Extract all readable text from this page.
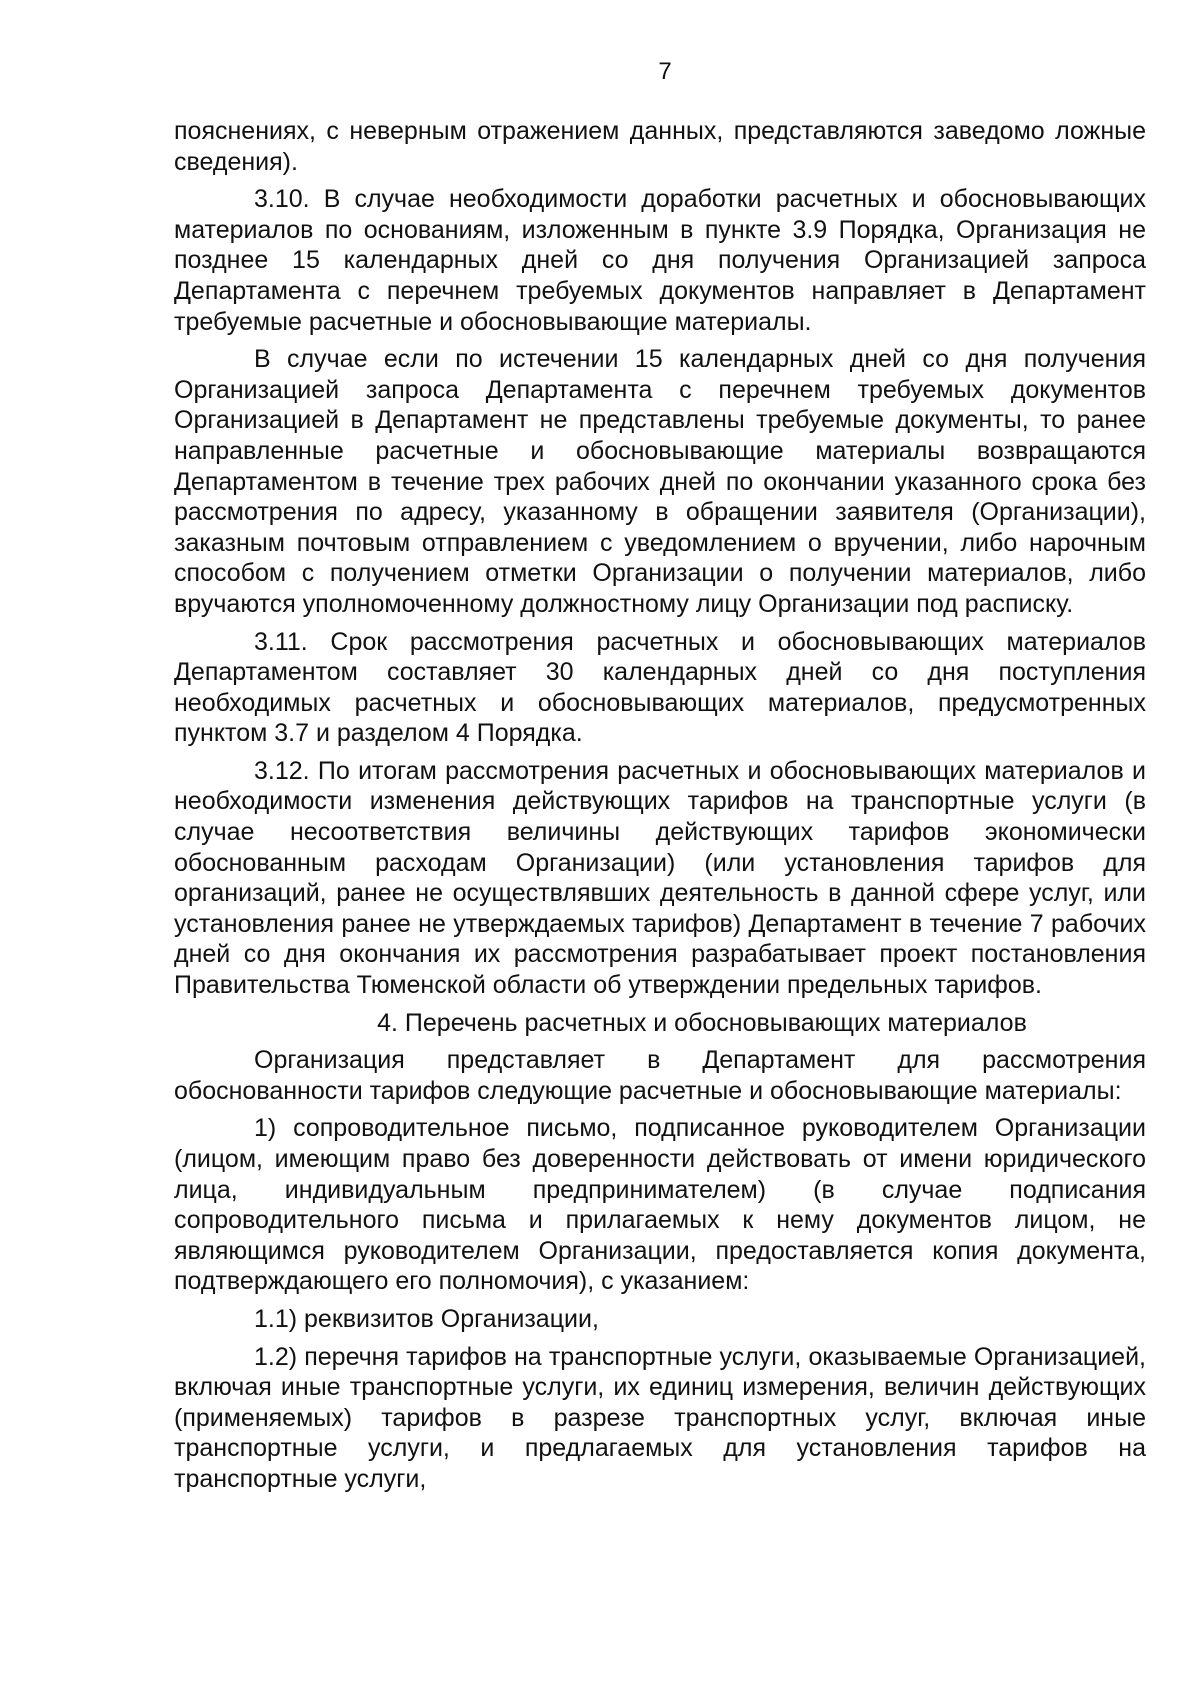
7

пояснениях, с неверным отражением данных, представляются заведомо ложные сведения).

3.10. В случае необходимости доработки расчетных и обосновывающих материалов по основаниям, изложенным в пункте 3.9 Порядка, Организация не позднее 15 календарных дней со дня получения Организацией запроса Департамента с перечнем требуемых документов направляет в Департамент требуемые расчетные и обосновывающие материалы.

В случае если по истечении 15 календарных дней со дня получения Организацией запроса Департамента с перечнем требуемых документов Организацией в Департамент не представлены требуемые документы, то ранее направленные расчетные и обосновывающие материалы возвращаются Департаментом в течение трех рабочих дней по окончании указанного срока без рассмотрения по адресу, указанному в обращении заявителя (Организации), заказным почтовым отправлением с уведомлением о вручении, либо нарочным способом с получением отметки Организации о получении материалов, либо вручаются уполномоченному должностному лицу Организации под расписку.

3.11. Срок рассмотрения расчетных и обосновывающих материалов Департаментом составляет 30 календарных дней со дня поступления необходимых расчетных и обосновывающих материалов, предусмотренных пунктом 3.7 и разделом 4 Порядка.

3.12. По итогам рассмотрения расчетных и обосновывающих материалов и необходимости изменения действующих тарифов на транспортные услуги (в случае несоответствия величины действующих тарифов экономически обоснованным расходам Организации) (или установления тарифов для организаций, ранее не осуществлявших деятельность в данной сфере услуг, или установления ранее не утверждаемых тарифов) Департамент в течение 7 рабочих дней со дня окончания их рассмотрения разрабатывает проект постановления Правительства Тюменской области об утверждении предельных тарифов.

4. Перечень расчетных и обосновывающих материалов

Организация представляет в Департамент для рассмотрения обоснованности тарифов следующие расчетные и обосновывающие материалы:

1) сопроводительное письмо, подписанное руководителем Организации (лицом, имеющим право без доверенности действовать от имени юридического лица, индивидуальным предпринимателем) (в случае подписания сопроводительного письма и прилагаемых к нему документов лицом, не являющимся руководителем Организации, предоставляется копия документа, подтверждающего его полномочия), с указанием:

1.1) реквизитов Организации,

1.2) перечня тарифов на транспортные услуги, оказываемые Организацией, включая иные транспортные услуги, их единиц измерения, величин действующих (применяемых) тарифов в разрезе транспортных услуг, включая иные транспортные услуги, и предлагаемых для установления тарифов на транспортные услуги,
